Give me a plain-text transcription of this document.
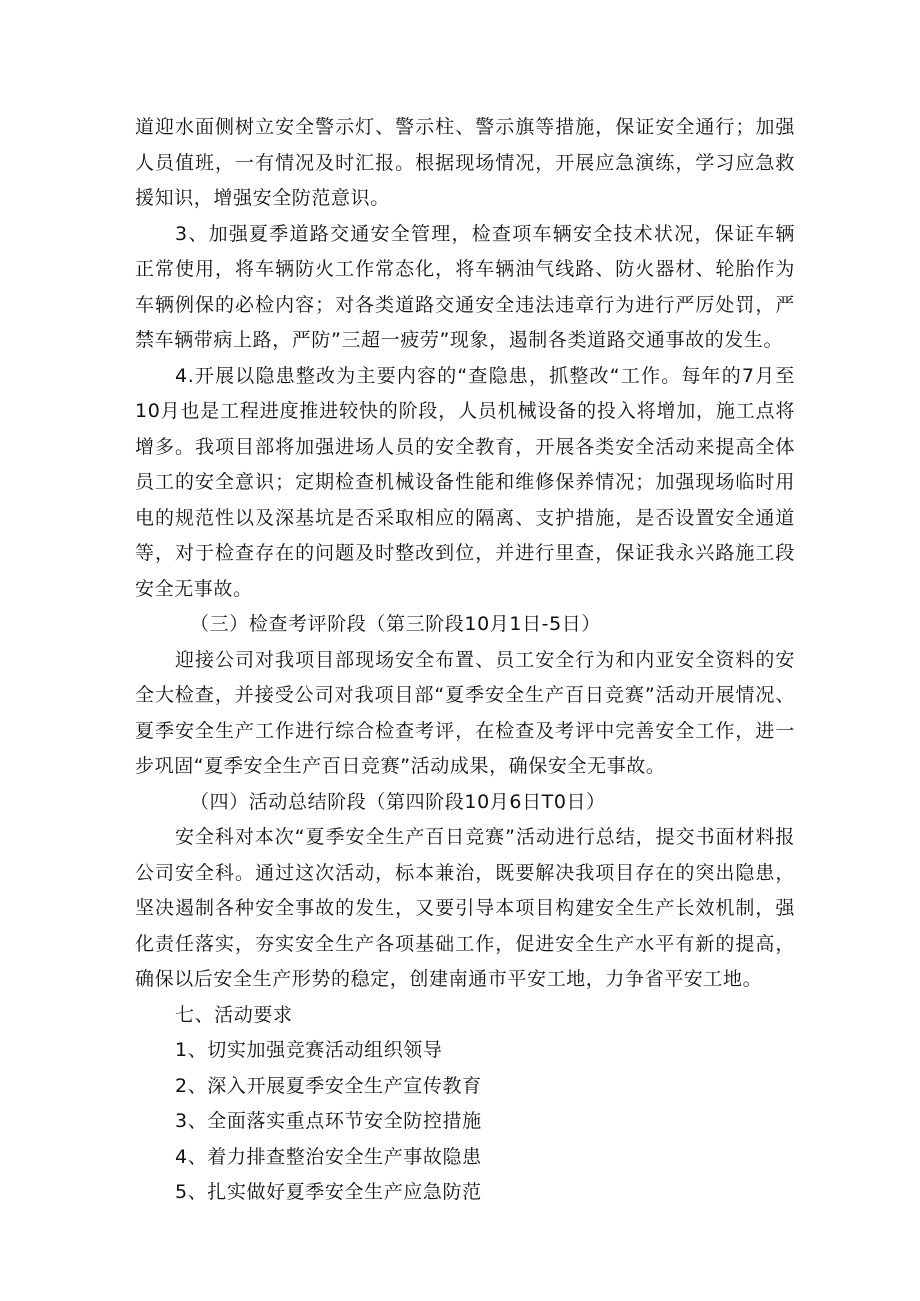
道迎水面侧树立安全警示灯、警示柱、警示旗等措施，保证安全通行；加强人员值班，一有情况及时汇报。根据现场情况，开展应急演练，学习应急救援知识，增强安全防范意识。

3、加强夏季道路交通安全管理，检查项车辆安全技术状况，保证车辆正常使用，将车辆防火工作常态化，将车辆油气线路、防火器材、轮胎作为车辆例保的必检内容；对各类道路交通安全违法违章行为进行严厉处罚，严禁车辆带病上路，严防”三超一疲劳”现象，遏制各类道路交通事故的发生。

4.开展以隐患整改为主要内容的“查隐患，抓整改“工作。每年的7月至10月也是工程进度推进较快的阶段，人员机械设备的投入将增加，施工点将增多。我项目部将加强进场人员的安全教育，开展各类安全活动来提高全体员工的安全意识；定期检查机械设备性能和维修保养情况；加强现场临时用电的规范性以及深基坑是否采取相应的隔离、支护措施，是否设置安全通道等，对于检查存在的问题及时整改到位，并进行里查，保证我永兴路施工段安全无事故。

（三）检查考评阶段（第三阶段10月1日-5日）

迎接公司对我项目部现场安全布置、员工安全行为和内亚安全资料的安全大检查，并接受公司对我项目部“夏季安全生产百日竞赛”活动开展情况、夏季安全生产工作进行综合检查考评，在检查及考评中完善安全工作，进一步巩固“夏季安全生产百日竞赛”活动成果，确保安全无事故。

（四）活动总结阶段（第四阶段10月6日T0日）

安全科对本次“夏季安全生产百日竞赛”活动进行总结，提交书面材料报公司安全科。通过这次活动，标本兼治，既要解决我项目存在的突出隐患，坚决遏制各种安全事故的发生，又要引导本项目构建安全生产长效机制，强化责任落实，夯实安全生产各项基础工作，促进安全生产水平有新的提高，确保以后安全生产形势的稳定，创建南通市平安工地，力争省平安工地。

七、活动要求

1、切实加强竞赛活动组织领导

2、深入开展夏季安全生产宣传教育

3、全面落实重点环节安全防控措施

4、着力排查整治安全生产事故隐患

5、扎实做好夏季安全生产应急防范
